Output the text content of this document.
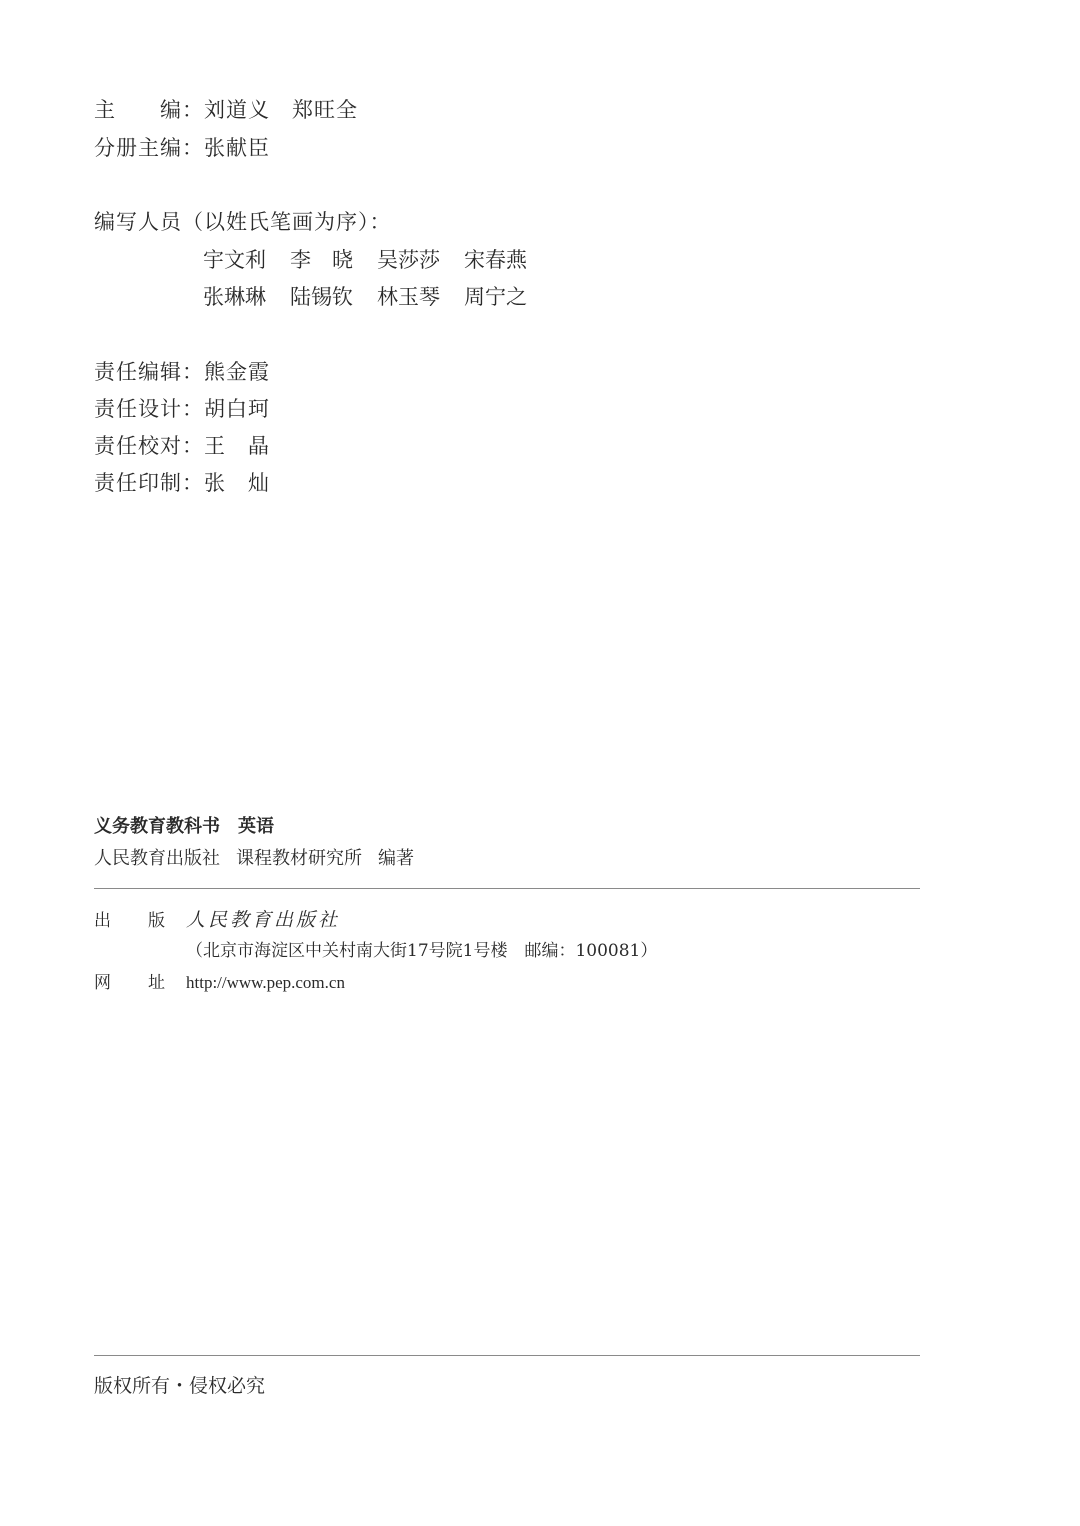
主　　编：刘道义　郑旺全
分册主编：张献臣
编写人员（以姓氏笔画为序）：
宇文利 李　晓 吴莎莎 宋春燕
张琳琳 陆锡钦 林玉琴 周宁之
责任编辑：熊金霞
责任设计：胡白珂
责任校对：王　晶
责任印制：张　灿
义务教育教科书 英语
人民教育出版社 课程教材研究所 编著
出 版 人民教育出版社
（北京市海淀区中关村南大街17号院1号楼　邮编：100081）
网 址 http://www.pep.com.cn
版权所有・侵权必究
